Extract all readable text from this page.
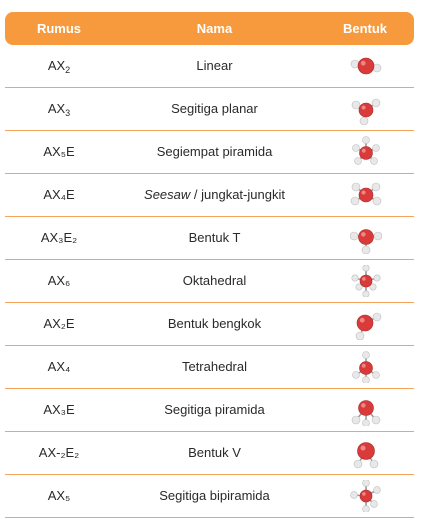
Rumus	Nama	Bentuk
$AX_2$	Linear
$AX_3$	Segitiga planar
AX₅E	Segiempat piramida
AX₄E	Seesaw / jungkat-jungkit
AX₃E₂	Bentuk T
AX₆	Oktahedral
AX₂E	Bentuk bengkok
AX₄	Tetrahedral
AX₃E	Segitiga piramida
AX-₂E₂	Bentuk V
AX₅	Segitiga bipiramida
